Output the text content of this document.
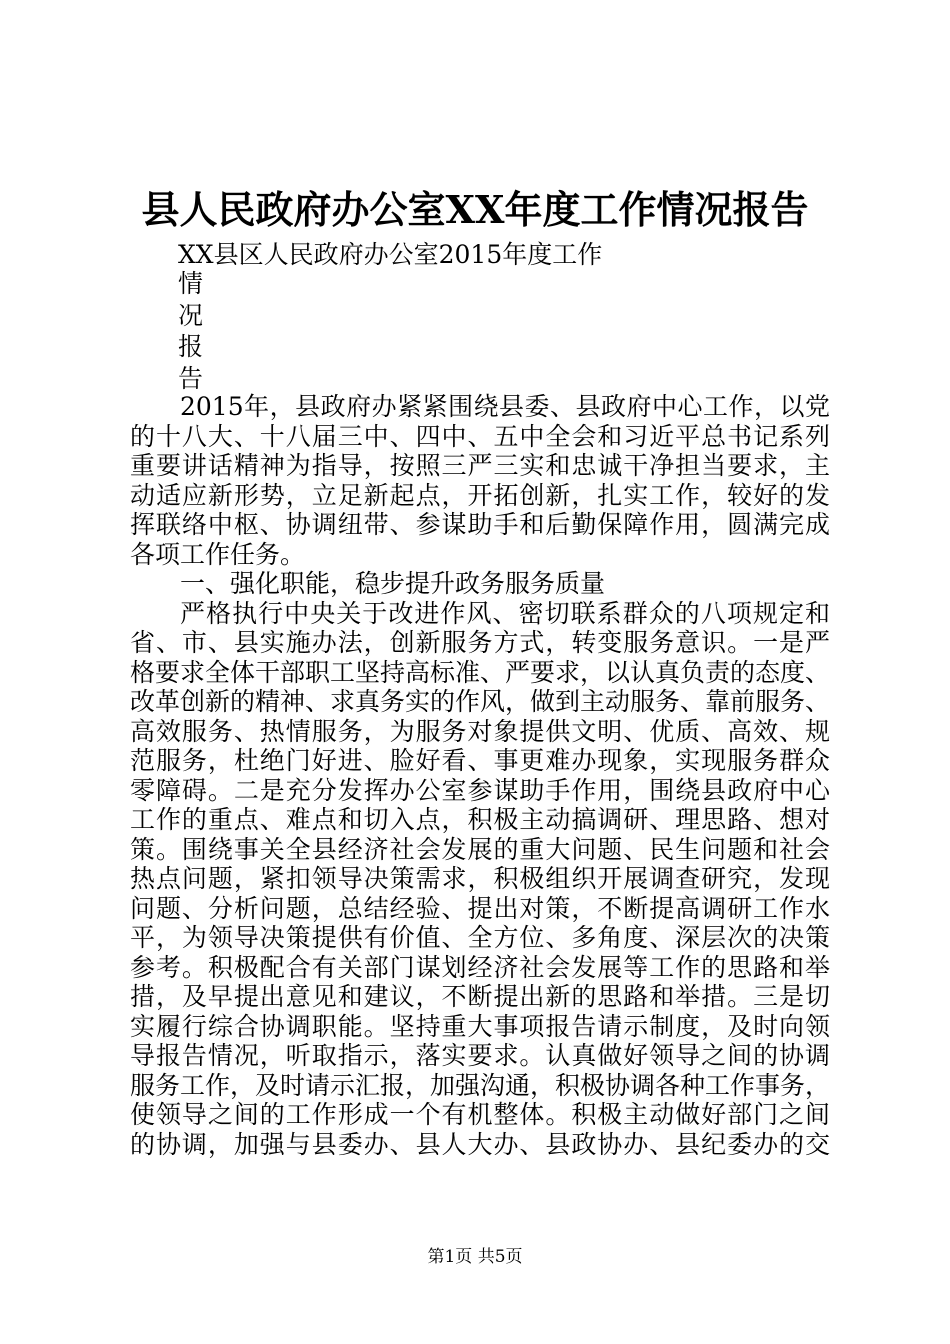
县人民政府办公室XX年度工作情况报告
XX县区人民政府办公室2015年度工作
情
况
报
告
2015年，县政府办紧紧围绕县委、县政府中心工作，以党
的十八大、十八届三中、四中、五中全会和习近平总书记系列
重要讲话精神为指导，按照三严三实和忠诚干净担当要求，主
动适应新形势，立足新起点，开拓创新，扎实工作，较好的发
挥联络中枢、协调纽带、参谋助手和后勤保障作用，圆满完成
各项工作任务。
一、强化职能，稳步提升政务服务质量
严格执行中央关于改进作风、密切联系群众的八项规定和
省、市、县实施办法，创新服务方式，转变服务意识。一是严
格要求全体干部职工坚持高标准、严要求，以认真负责的态度、
改革创新的精神、求真务实的作风，做到主动服务、靠前服务、
高效服务、热情服务，为服务对象提供文明、优质、高效、规
范服务，杜绝门好进、脸好看、事更难办现象，实现服务群众
零障碍。二是充分发挥办公室参谋助手作用，围绕县政府中心
工作的重点、难点和切入点，积极主动搞调研、理思路、想对
策。围绕事关全县经济社会发展的重大问题、民生问题和社会
热点问题，紧扣领导决策需求，积极组织开展调查研究，发现
问题、分析问题，总结经验、提出对策，不断提高调研工作水
平，为领导决策提供有价值、全方位、多角度、深层次的决策
参考。积极配合有关部门谋划经济社会发展等工作的思路和举
措，及早提出意见和建议，不断提出新的思路和举措。三是切
实履行综合协调职能。坚持重大事项报告请示制度，及时向领
导报告情况，听取指示，落实要求。认真做好领导之间的协调
服务工作，及时请示汇报，加强沟通，积极协调各种工作事务，
使领导之间的工作形成一个有机整体。积极主动做好部门之间
的协调，加强与县委办、县人大办、县政协办、县纪委办的交
第1页 共5页
